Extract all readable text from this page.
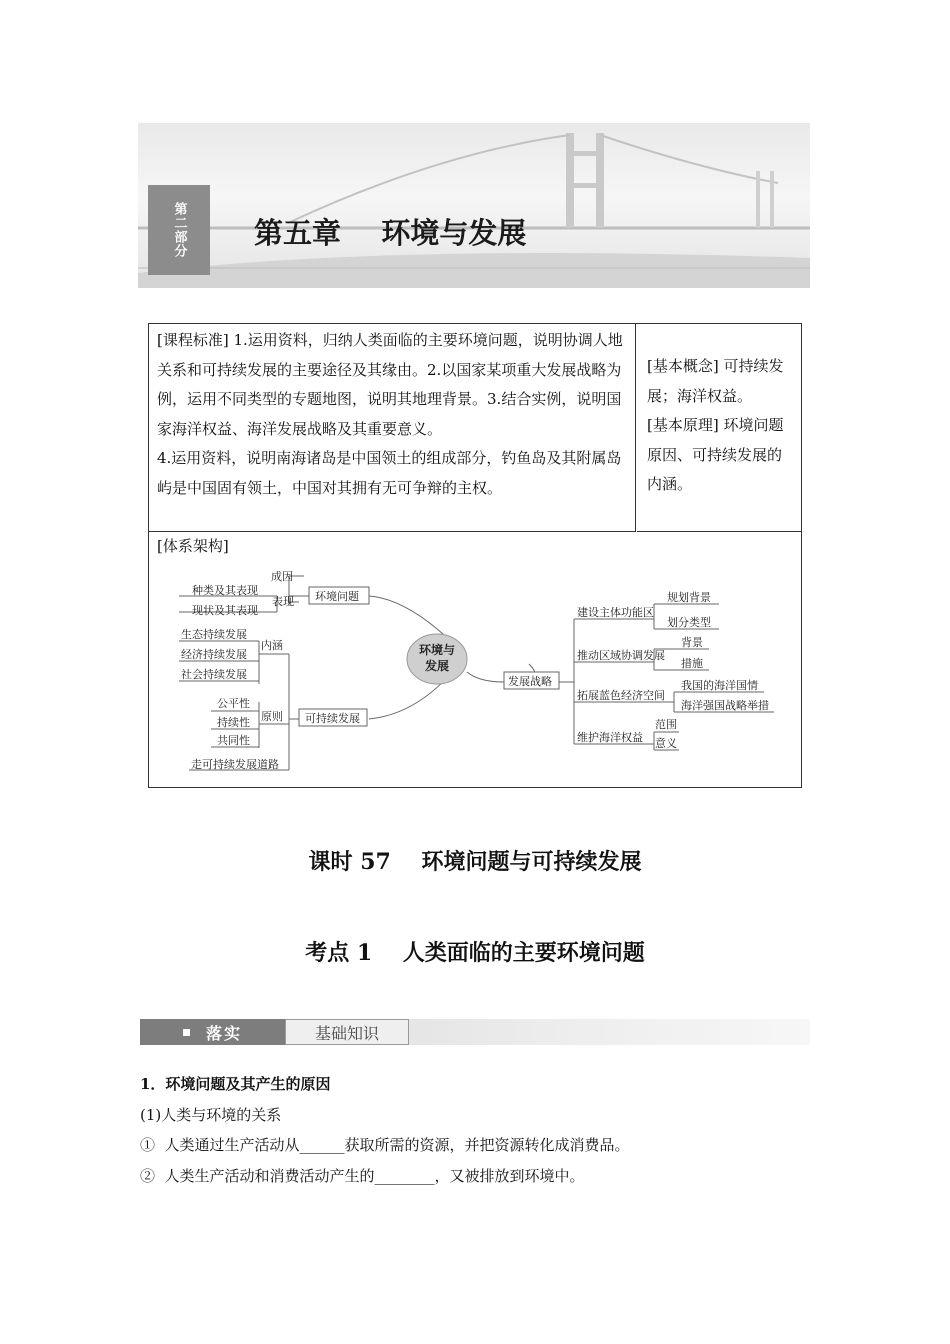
第二部分	第五章    环境与发展
[课程标准] 1.运用资料，归纳人类面临的主要环境问题，说明协调人地关系和可持续发展的主要途径及其缘由。2.以国家某项重大发展战略为例，运用不同类型的专题地图，说明其地理背景。3.结合实例，说明国家海洋权益、海洋发展战略及其重要意义。
4.运用资料，说明南海诸岛是中国领土的组成部分，钓鱼岛及其附属岛屿是中国固有领土，中国对其拥有无可争辩的主权。
[基本概念] 可持续发展；海洋权益。
[基本原理] 环境问题原因、可持续发展的内涵。
[体系架构]
环境与
发展
环境问题
成因
表现
种类及其表现
现状及其表现
可持续发展
内涵
生态持续发展
经济持续发展
社会持续发展
原则
公平性
持续性
共同性
走可持续发展道路
发展战略
建设主体功能区
规划背景
划分类型
推动区域协调发展
背景
措施
拓展蓝色经济空间
我国的海洋国情
海洋强国战略举措
维护海洋权益
范围
意义
课时 57    环境问题与可持续发展
考点 1    人类面临的主要环境问题
落实	基础知识

1．环境问题及其产生的原因

(1)人类与环境的关系

①  人类通过生产活动从______获取所需的资源，并把资源转化成消费品。

②  人类生产活动和消费活动产生的________，又被排放到环境中。
